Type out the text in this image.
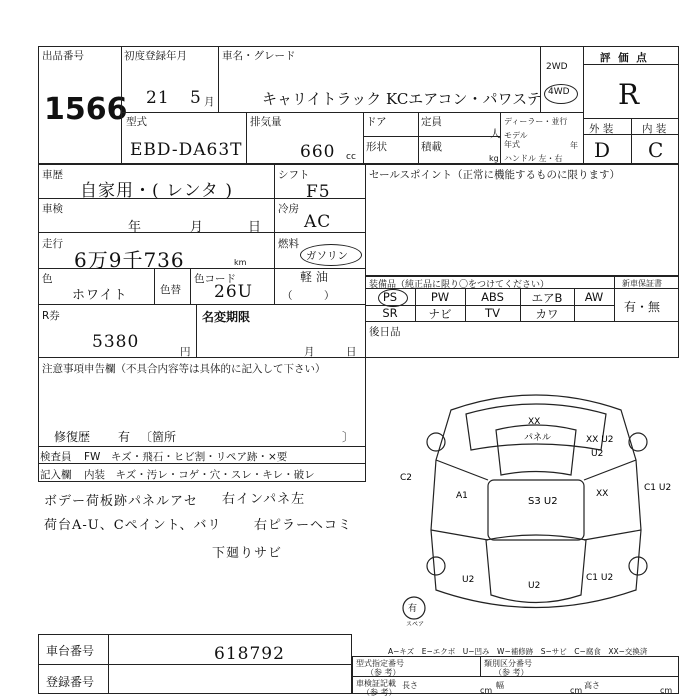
出品番号
1566
初度登録年月
21 5 月
車名・グレード
キャリイトラック KCエアコン・パワステ
2WD
4WD
評 価 点
R
外 装	内 装
D C
型式
EBD-DA63T
排気量
660 cc
ドア
形状
定員
人
積載
kg
ディーラー・並行
モデル年式	年
ハンドル 左・右
車歴
自家用・( レンタ )
シフト
F5
車検
年	月	日
冷房
AC
走行
6万9千736	km
燃料
ガソリン
軽 油
（　　　）
色
ホワイト	色替
色コード
26U
R券
5380	円
名変期限
月	日
セールスポイント（正常に機能するものに限ります）
装備品（純正品に限り〇をつけてください）	新車保証書
有・無
PS	PW	ABS	エアB	AW
SR	ナビ	TV	カワ
後日品
注意事項申告欄（不具合内容等は具体的に記入して下さい）
修復歴 有 〔箇所	〕
検査員
記入欄
FW　キズ・飛石・ヒビ割・リペア跡・×要
内装　キズ・汚レ・コゲ・穴・スレ・キレ・破レ
ボデー荷板跡パネルアセ 右インパネ左
荷台A-U、Cペイント、バリ 右ピラーヘコミ
下廻りサビ
パネル
XX
U2
XX U2
C2
S3 U2
XX
C1 U2
U2
U2
A1
C1 U2
有
スペア
車台番号	618792
登録番号
A−キズ　E−エクボ　U−凹み　W−補修跡　S−サビ　C−腐食　XX−交換済
型式指定番号
（参 考）
類別区分番号
（参 考）
車検証記載
（参 考）
長さ
cm
幅
cm
高さ
cm
